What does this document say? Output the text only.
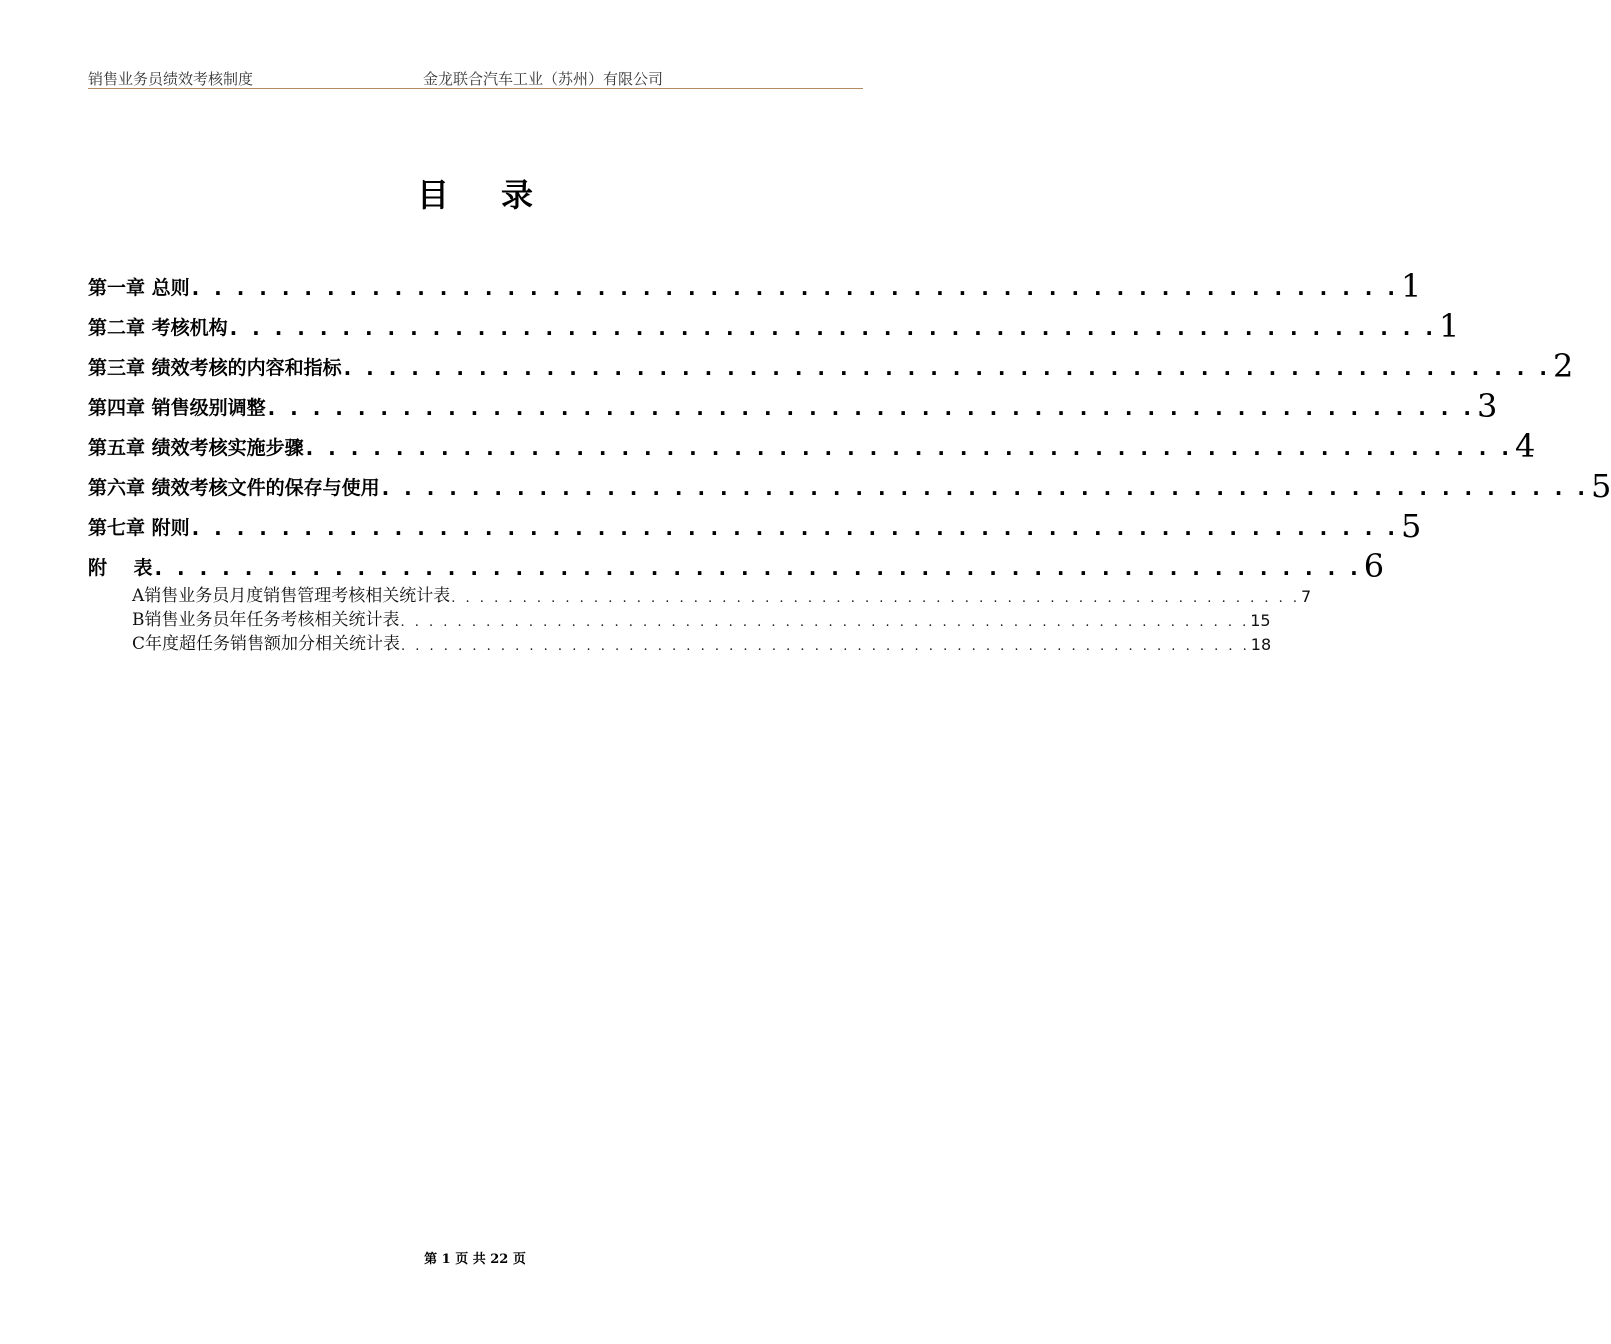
销售业务员绩效考核制度	金龙联合汽车工业（苏州）有限公司
目录
第一章 总则 . . . . . . . . . . . . . . . . . . . . . . . . . . . . . . . . . . . . . . . . . . . . . . . . . . . . . . 1
第二章 考核机构 . . . . . . . . . . . . . . . . . . . . . . . . . . . . . . . . . . . . . . . . . . . . . . . . . . . . . . 1
第三章 绩效考核的内容和指标 . . . . . . . . . . . . . . . . . . . . . . . . . . . . . . . . . . . . . . . . . . . . . . . . . . . . . . 2
第四章 销售级别调整 . . . . . . . . . . . . . . . . . . . . . . . . . . . . . . . . . . . . . . . . . . . . . . . . . . . . . . 3
第五章 绩效考核实施步骤 . . . . . . . . . . . . . . . . . . . . . . . . . . . . . . . . . . . . . . . . . . . . . . . . . . . . . . 4
第六章 绩效考核文件的保存与使用 . . . . . . . . . . . . . . . . . . . . . . . . . . . . . . . . . . . . . . . . . . . . . . . . . . . . . . 5
第七章 附则 . . . . . . . . . . . . . . . . . . . . . . . . . . . . . . . . . . . . . . . . . . . . . . . . . . . . . . 5
附    表 . . . . . . . . . . . . . . . . . . . . . . . . . . . . . . . . . . . . . . . . . . . . . . . . . . . . . . 6
A销售业务员月度销售管理考核相关统计表 . . . . . . . . . . . . . . . . . . . . . . . . . . . . . . . . . . . . . . . . . . . . . . . . . . . . . . . . . . . . 7
B销售业务员年任务考核相关统计表 . . . . . . . . . . . . . . . . . . . . . . . . . . . . . . . . . . . . . . . . . . . . . . . . . . . . . . . . . . . . 15
C年度超任务销售额加分相关统计表 . . . . . . . . . . . . . . . . . . . . . . . . . . . . . . . . . . . . . . . . . . . . . . . . . . . . . . . . . . . . 18
第 1 页 共 22 页
